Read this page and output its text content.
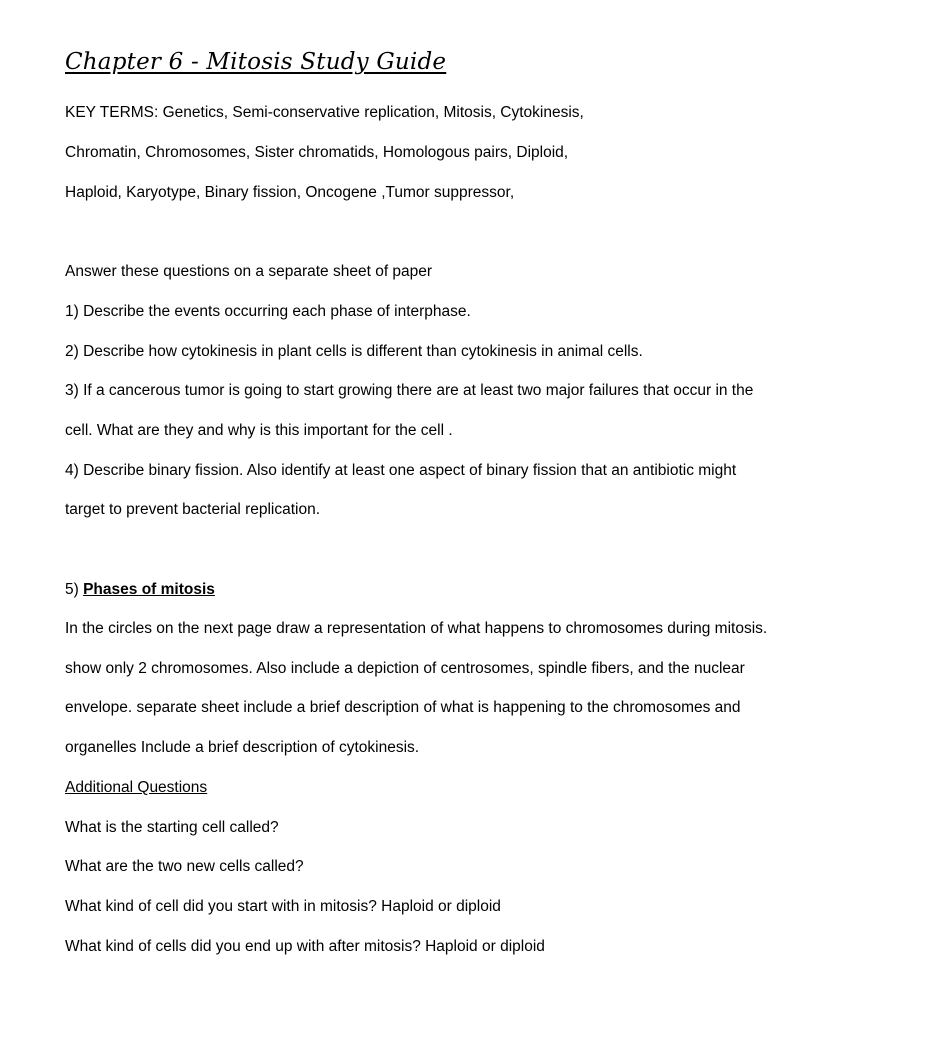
Chapter 6 - Mitosis Study Guide
KEY TERMS: Genetics, Semi-conservative replication, Mitosis, Cytokinesis,
Chromatin, Chromosomes, Sister chromatids, Homologous pairs, Diploid,
Haploid, Karyotype, Binary fission, Oncogene ,Tumor suppressor,
Answer these questions on a separate sheet of paper
1) Describe the events occurring each phase of interphase.
2) Describe how cytokinesis in plant cells is different than cytokinesis in animal cells.
3) If a cancerous tumor is going to start growing there are at least two major failures that occur in the
cell. What are they and why is this important for the cell .
4) Describe binary fission. Also identify at least one aspect of binary fission that an antibiotic might
target to prevent bacterial replication.
5) Phases of mitosis
In the circles on the next page draw a representation of what happens to chromosomes during mitosis.
show only 2 chromosomes. Also include a depiction of centrosomes, spindle fibers, and the nuclear
envelope. separate sheet include a brief description of what is happening to the chromosomes and
organelles Include a brief description of cytokinesis.
Additional Questions
What is the starting cell called?
What are the two new cells called?
What kind of cell did you start with in mitosis? Haploid or diploid
What kind of cells did you end up with after mitosis? Haploid or diploid
